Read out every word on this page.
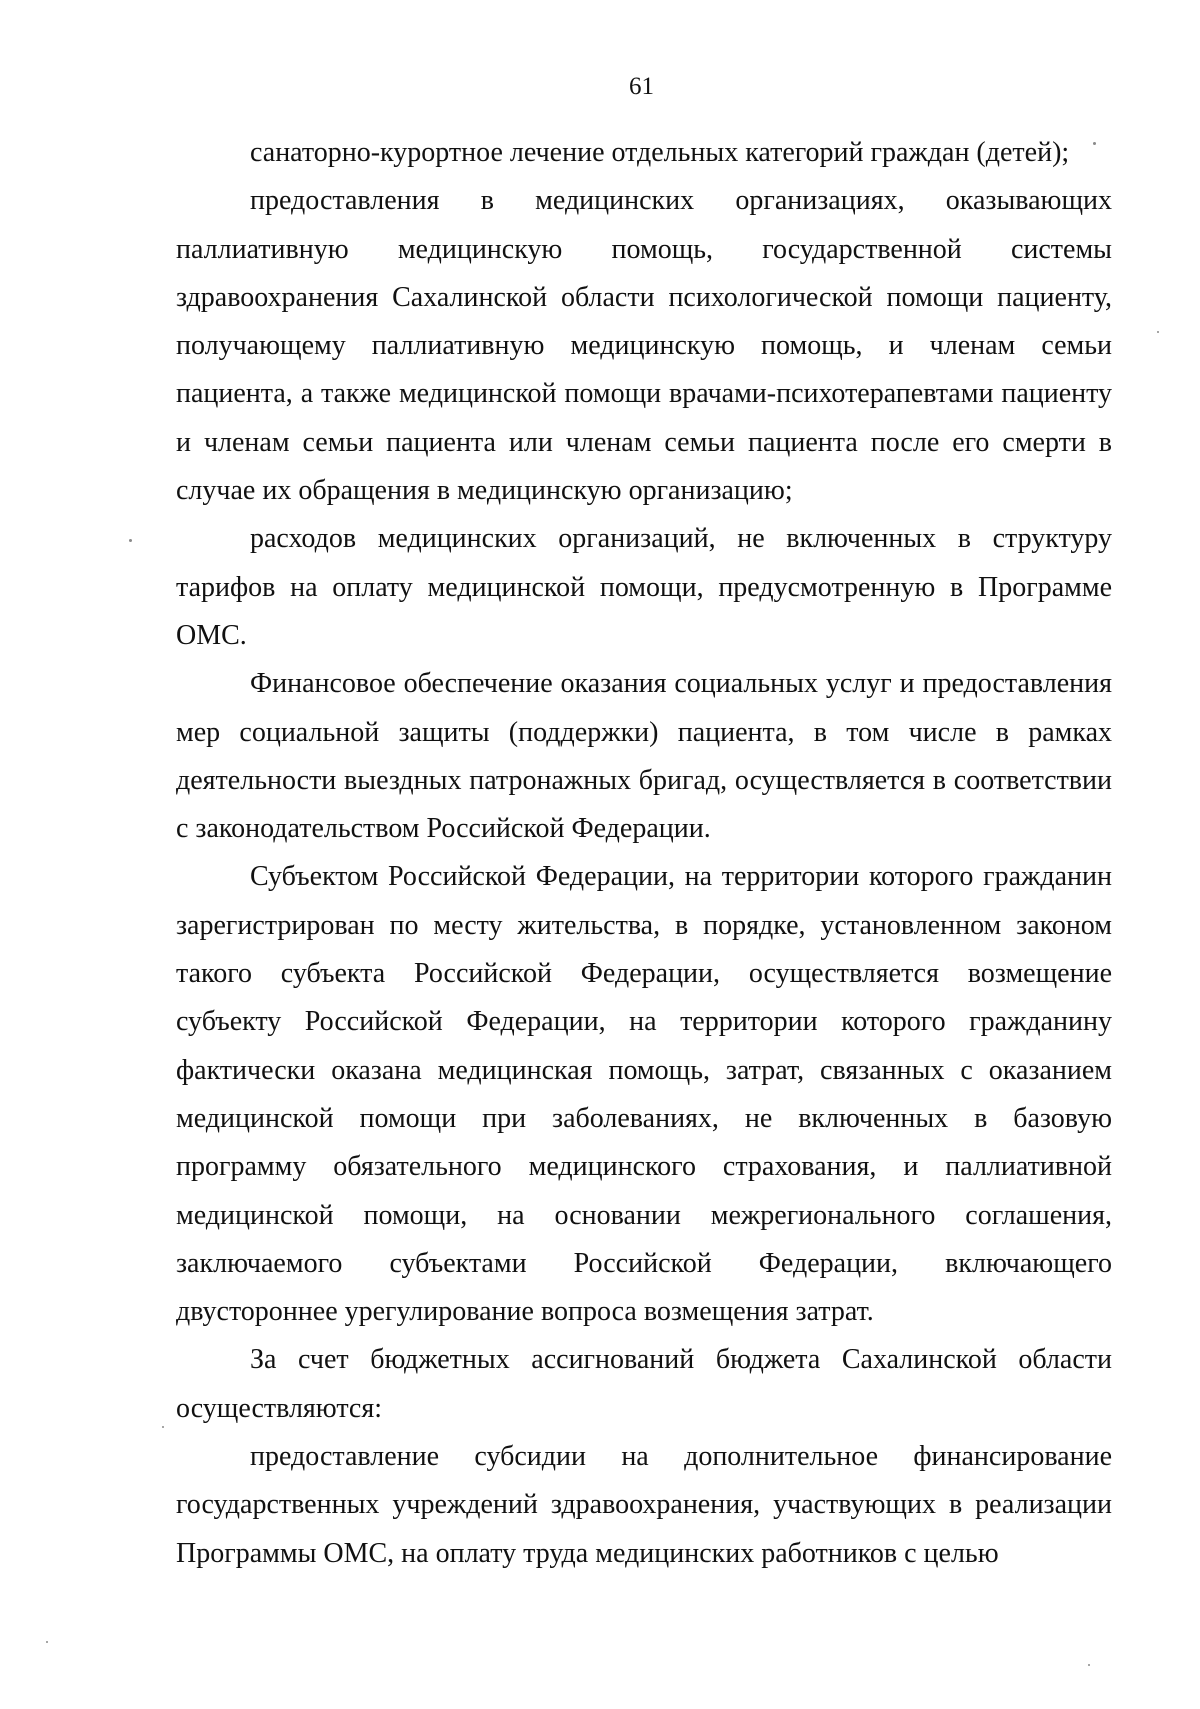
61

санаторно-курортное лечение отдельных категорий граждан (детей);

предоставления в медицинских организациях, оказывающих паллиативную медицинскую помощь, государственной системы здравоохранения Сахалинской области психологической помощи пациенту, получающему паллиативную медицинскую помощь, и членам семьи пациента, а также медицинской помощи врачами-психотерапевтами пациенту и членам семьи пациента или членам семьи пациента после его смерти в случае их обращения в медицинскую организацию;

расходов медицинских организаций, не включенных в структуру тарифов на оплату медицинской помощи, предусмотренную в Программе ОМС.

Финансовое обеспечение оказания социальных услуг и предоставления мер социальной защиты (поддержки) пациента, в том числе в рамках деятельности выездных патронажных бригад, осуществляется в соответствии с законодательством Российской Федерации.

Субъектом Российской Федерации, на территории которого гражданин зарегистрирован по месту жительства, в порядке, установленном законом такого субъекта Российской Федерации, осуществляется возмещение субъекту Российской Федерации, на территории которого гражданину фактически оказана медицинская помощь, затрат, связанных с оказанием медицинской помощи при заболеваниях, не включенных в базовую программу обязательного медицинского страхования, и паллиативной медицинской помощи, на основании межрегионального соглашения, заключаемого субъектами Российской Федерации, включающего двустороннее урегулирование вопроса возмещения затрат.

За счет бюджетных ассигнований бюджета Сахалинской области осуществляются:

предоставление субсидии на дополнительное финансирование государственных учреждений здравоохранения, участвующих в реализации Программы ОМС, на оплату труда медицинских работников с целью
